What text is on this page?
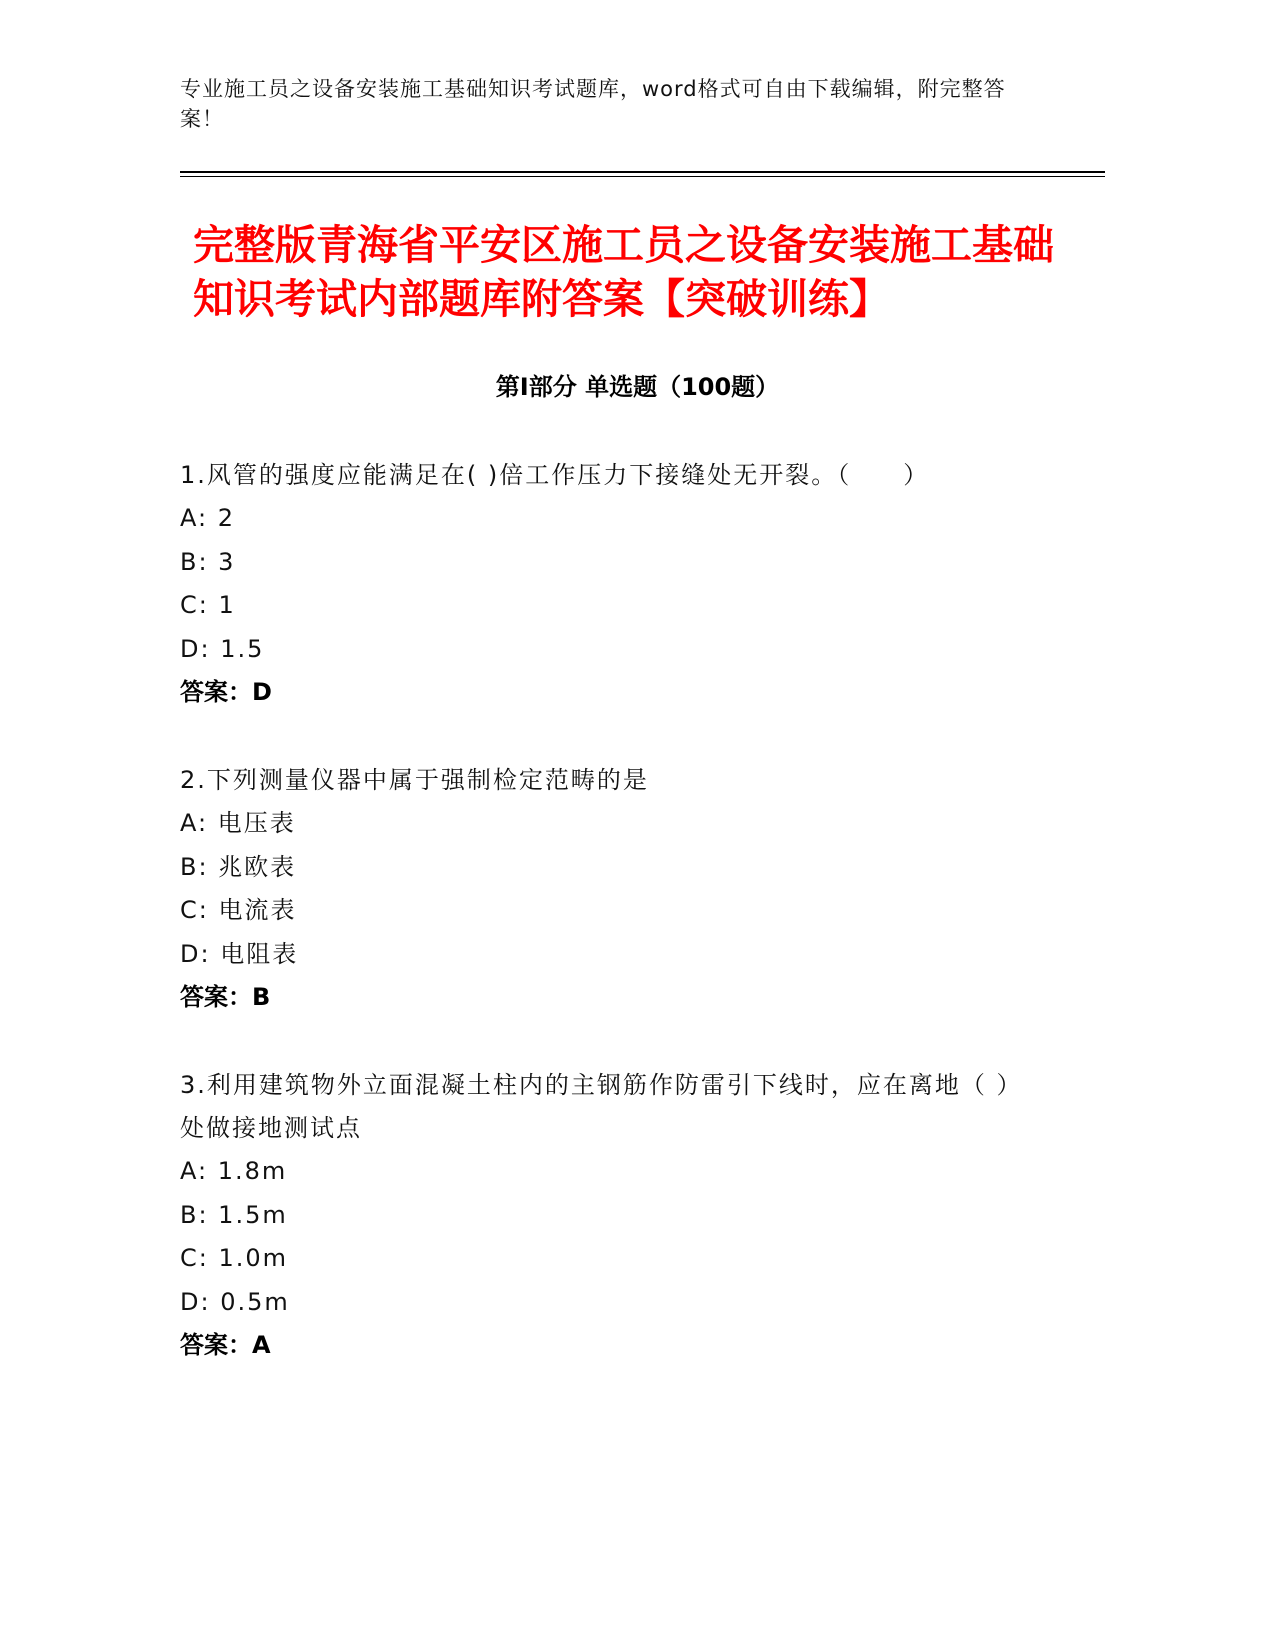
专业施工员之设备安装施工基础知识考试题库，word格式可自由下载编辑，附完整答案！
完整版青海省平安区施工员之设备安装施工基础知识考试内部题库附答案【突破训练】
第I部分 单选题（100题）
1.风管的强度应能满足在( )倍工作压力下接缝处无开裂。（　　）
A: 2
B: 3
C: 1
D: 1.5
答案：D
2.下列测量仪器中属于强制检定范畴的是
A: 电压表
B: 兆欧表
C: 电流表
D: 电阻表
答案：B
3.利用建筑物外立面混凝土柱内的主钢筋作防雷引下线时，应在离地（ ）处做接地测试点
A: 1.8m
B: 1.5m
C: 1.0m
D: 0.5m
答案：A
